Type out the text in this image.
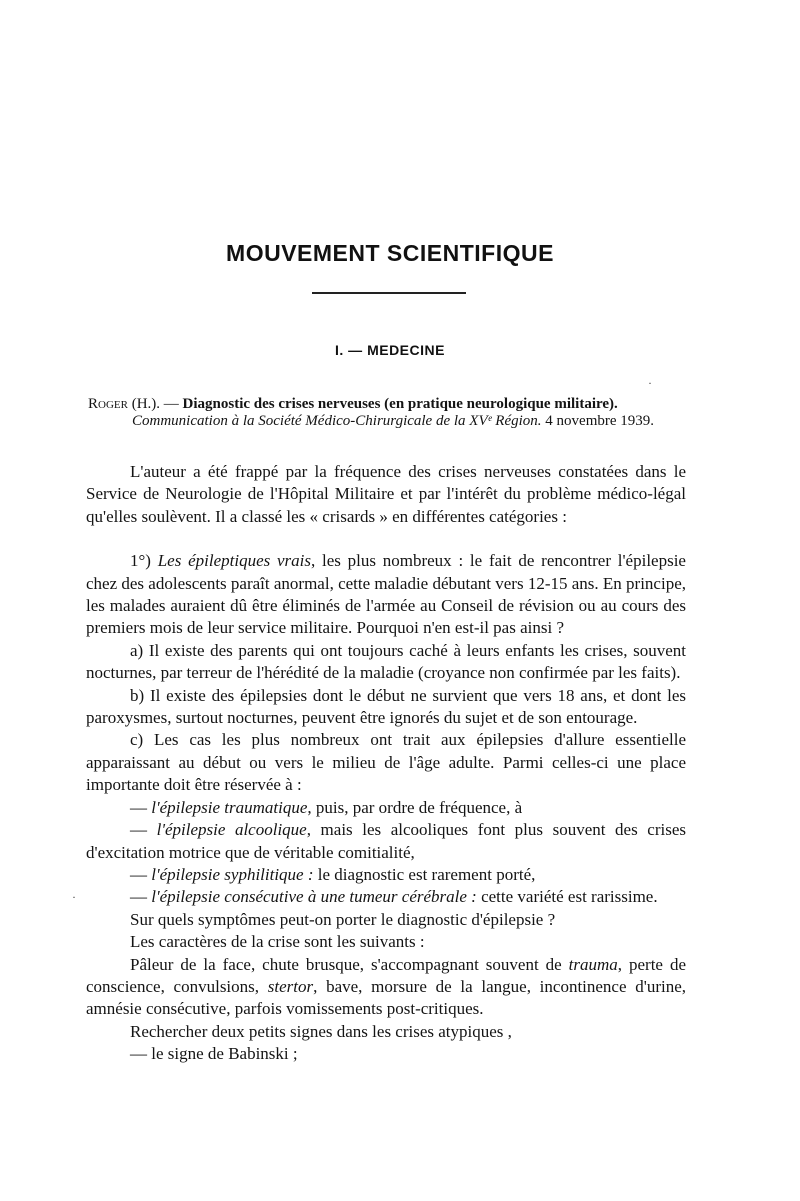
MOUVEMENT SCIENTIFIQUE
I. — MEDECINE
Roger (H.). — Diagnostic des crises nerveuses (en pratique neurologique militaire).
Communication à la Société Médico-Chirurgicale de la XVᵉ Région. 4 novembre 1939.

L'auteur a été frappé par la fréquence des crises nerveuses constatées dans le Service de Neurologie de l'Hôpital Militaire et par l'intérêt du problème médico-légal qu'elles soulèvent. Il a classé les « crisards » en différentes catégories :

1°) Les épileptiques vrais, les plus nombreux : le fait de rencontrer l'épilepsie chez des adolescents paraît anormal, cette maladie débutant vers 12-15 ans. En principe, les malades auraient dû être éliminés de l'armée au Conseil de révision ou au cours des premiers mois de leur service militaire. Pourquoi n'en est-il pas ainsi ?

a) Il existe des parents qui ont toujours caché à leurs enfants les crises, souvent nocturnes, par terreur de l'hérédité de la maladie (croyance non confirmée par les faits).

b) Il existe des épilepsies dont le début ne survient que vers 18 ans, et dont les paroxysmes, surtout nocturnes, peuvent être ignorés du sujet et de son entourage.

c) Les cas les plus nombreux ont trait aux épilepsies d'allure essentielle apparaissant au début ou vers le milieu de l'âge adulte. Parmi celles-ci une place importante doit être réservée à :

— l'épilepsie traumatique, puis, par ordre de fréquence, à

— l'épilepsie alcoolique, mais les alcooliques font plus souvent des crises d'excitation motrice que de véritable comitialité,

— l'épilepsie syphilitique : le diagnostic est rarement porté,

— l'épilepsie consécutive à une tumeur cérébrale : cette variété est rarissime.

Sur quels symptômes peut-on porter le diagnostic d'épilepsie ?

Les caractères de la crise sont les suivants :

Pâleur de la face, chute brusque, s'accompagnant souvent de trauma, perte de conscience, convulsions, stertor, bave, morsure de la langue, incontinence d'urine, amnésie consécutive, parfois vomissements post-critiques.

Rechercher deux petits signes dans les crises atypiques ,

— le signe de Babinski ;

·
·
